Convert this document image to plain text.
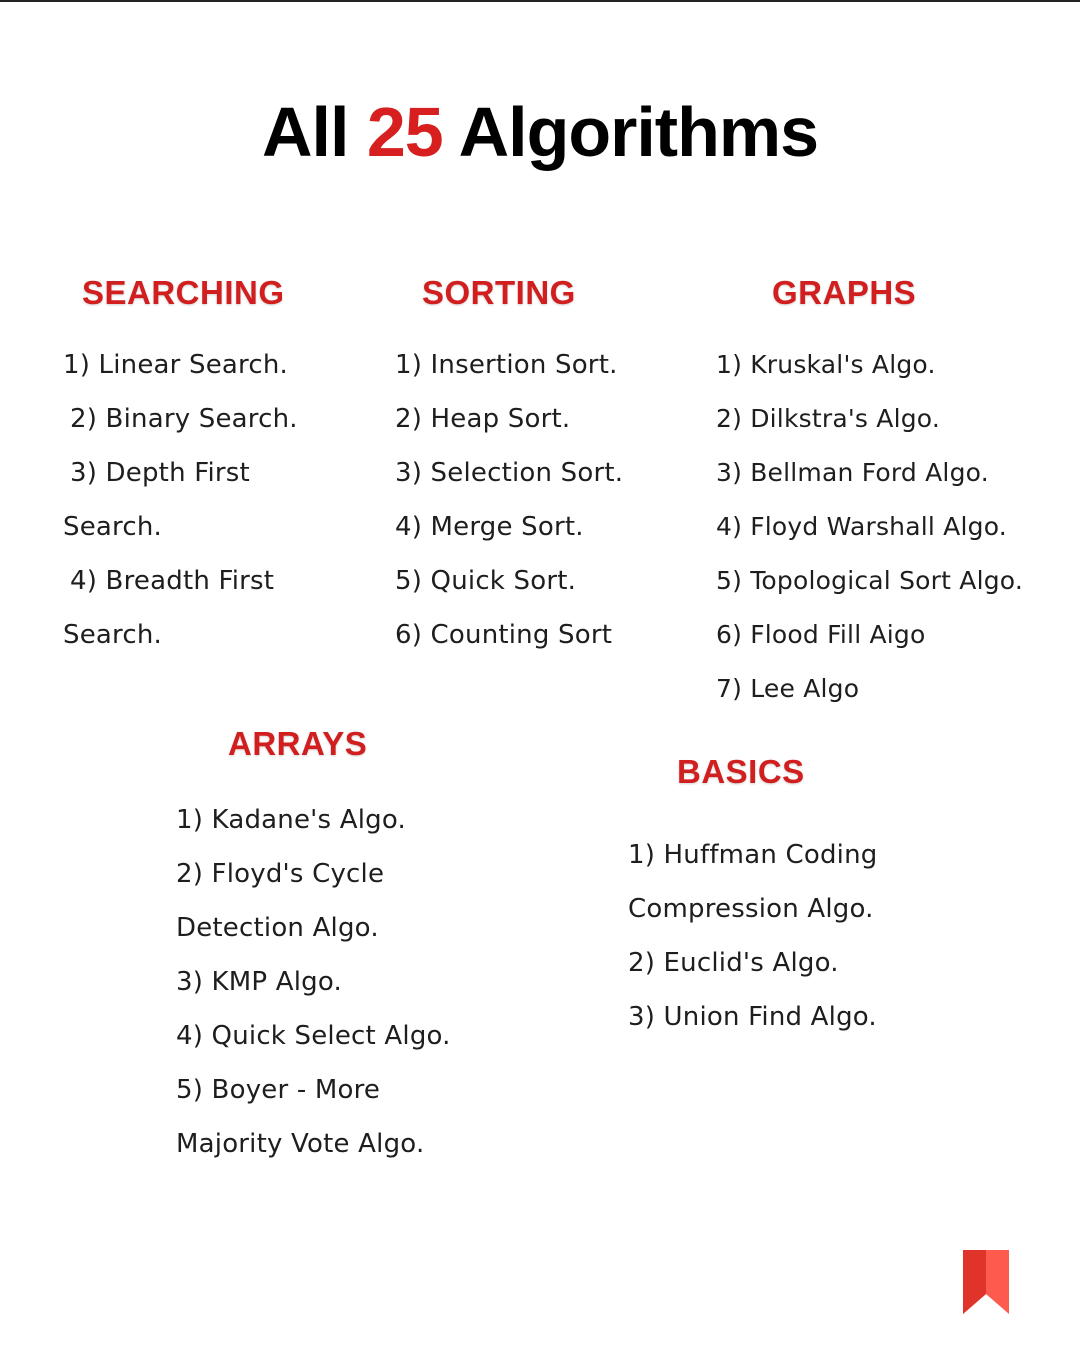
All 25 Algorithms
SEARCHING
1) Linear Search.
2) Binary Search.
3) Depth First
Search.
4) Breadth First
Search.
SORTING
1) Insertion Sort.
2) Heap Sort.
3) Selection Sort.
4) Merge Sort.
5) Quick Sort.
6) Counting Sort
GRAPHS
1) Kruskal's Algo.
2) Dilkstra's Algo.
3) Bellman Ford Algo.
4) Floyd Warshall Algo.
5) Topological Sort Algo.
6) Flood Fill Aigo
7) Lee Algo
ARRAYS
1) Kadane's Algo.
2) Floyd's Cycle
Detection Algo.
3) KMP Algo.
4) Quick Select Algo.
5) Boyer - More
Majority Vote Algo.
BASICS
1) Huffman Coding
Compression Algo.
2) Euclid's Algo.
3) Union Find Algo.
